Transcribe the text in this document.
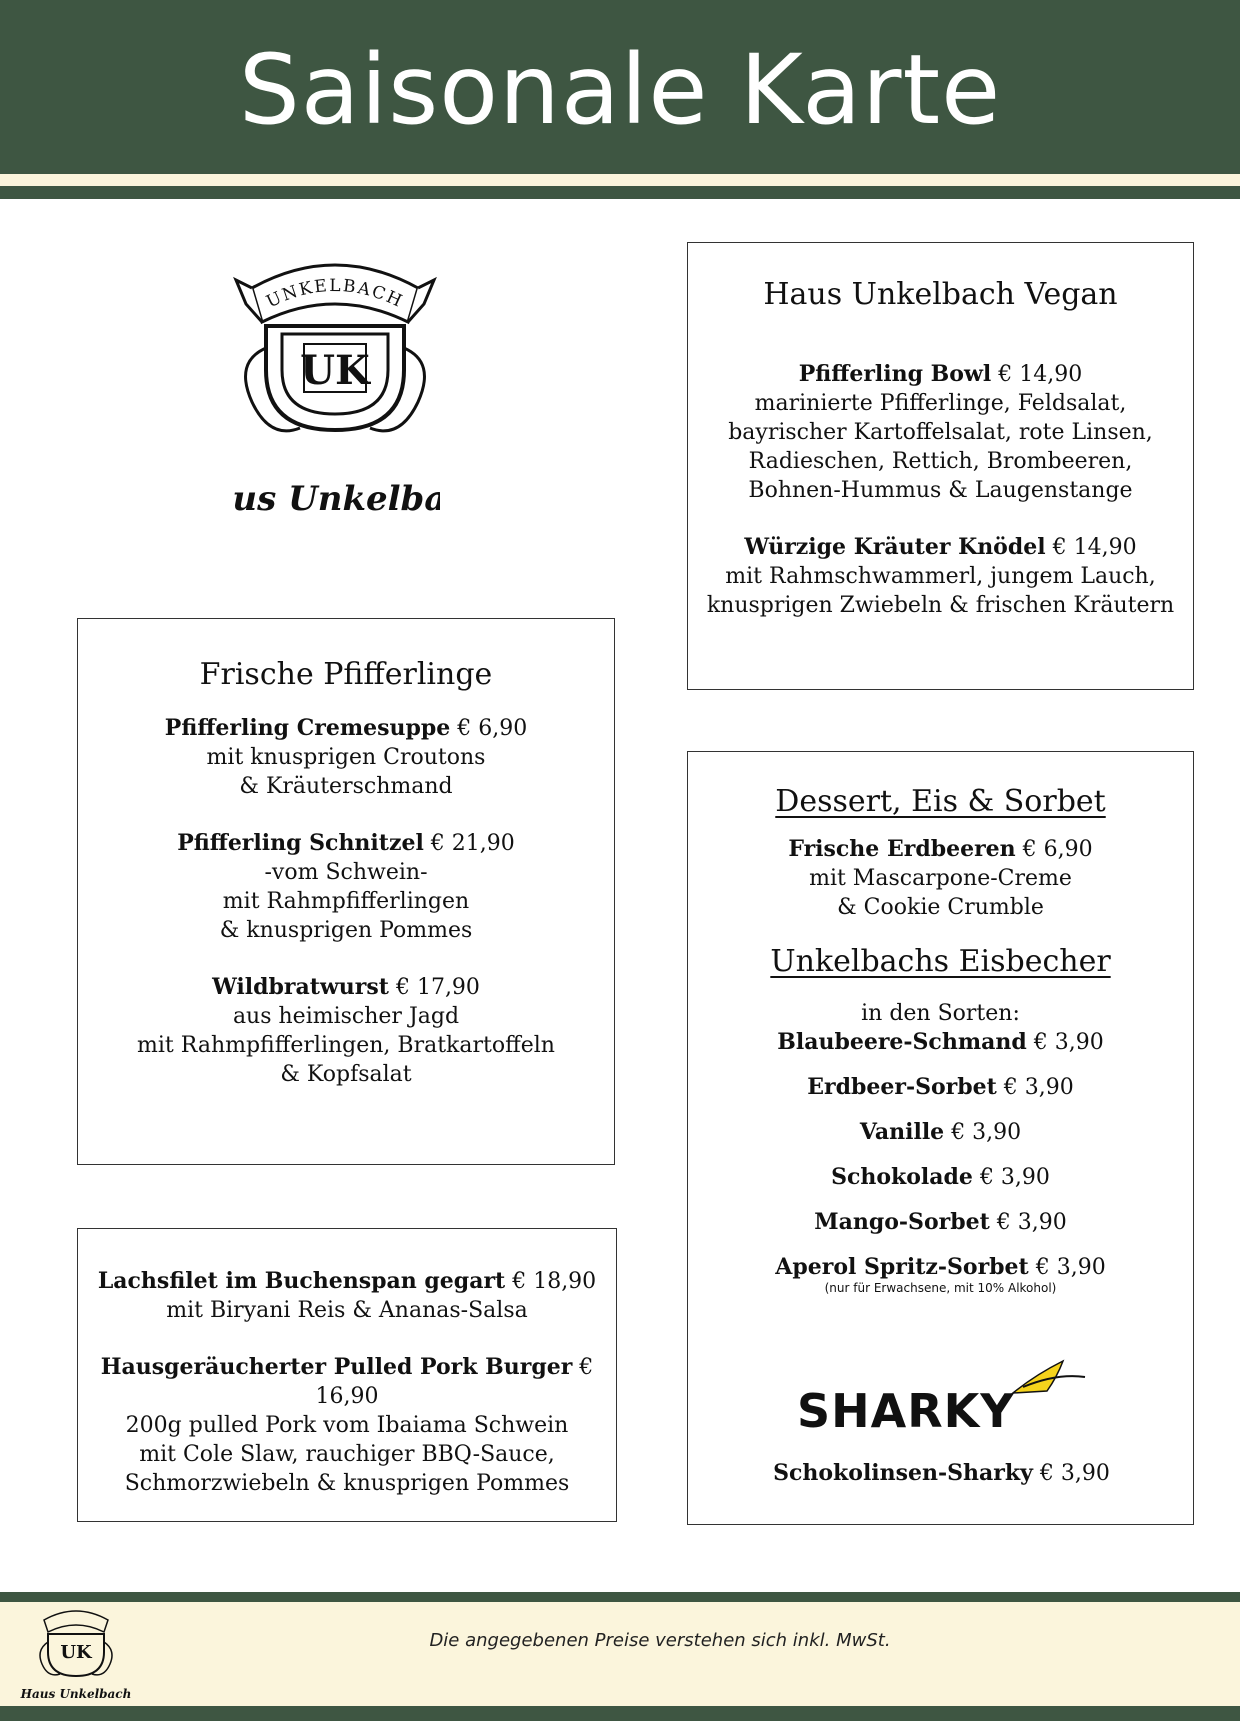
Saisonale Karte
UNKELBACH
UK
us Unkelb
Haus Unkelbach Vegan
Pfifferling Bowl € 14,90
marinierte Pfifferlinge, Feldsalat,
bayrischer Kartoffelsalat, rote Linsen,
Radieschen, Rettich, Brombeeren,
Bohnen-Hummus & Laugenstange
Würzige Kräuter Knödel € 14,90
mit Rahmschwammerl, jungem Lauch,
knusprigen Zwiebeln & frischen Kräutern
Frische Pfifferlinge
Pfifferling Cremesuppe € 6,90
mit knusprigen Croutons
& Kräuterschmand
Pfifferling Schnitzel € 21,90
-vom Schwein-
mit Rahmpfifferlingen
& knusprigen Pommes
Wildbratwurst € 17,90
aus heimischer Jagd
mit Rahmpfifferlingen, Bratkartoffeln
& Kopfsalat
Lachsfilet im Buchenspan gegart € 18,90
mit Biryani Reis & Ananas-Salsa
Hausgeräucherter Pulled Pork Burger € 16,90
200g pulled Pork vom Ibaiama Schwein
mit Cole Slaw, rauchiger BBQ-Sauce,
Schmorzwiebeln & knusprigen Pommes
Dessert, Eis & Sorbet
Frische Erdbeeren € 6,90
mit Mascarpone-Creme
& Cookie Crumble
Unkelbachs Eisbecher
in den Sorten:
Blaubeere-Schmand € 3,90
Erdbeer-Sorbet € 3,90
Vanille € 3,90
Schokolade € 3,90
Mango-Sorbet € 3,90
Aperol Spritz-Sorbet € 3,90
(nur für Erwachsene, mit 10% Alkohol)
Schokolinsen-Sharky € 3,90
SHARKY
UK
Haus Unkelbach
Die angegebenen Preise verstehen sich inkl. MwSt.
